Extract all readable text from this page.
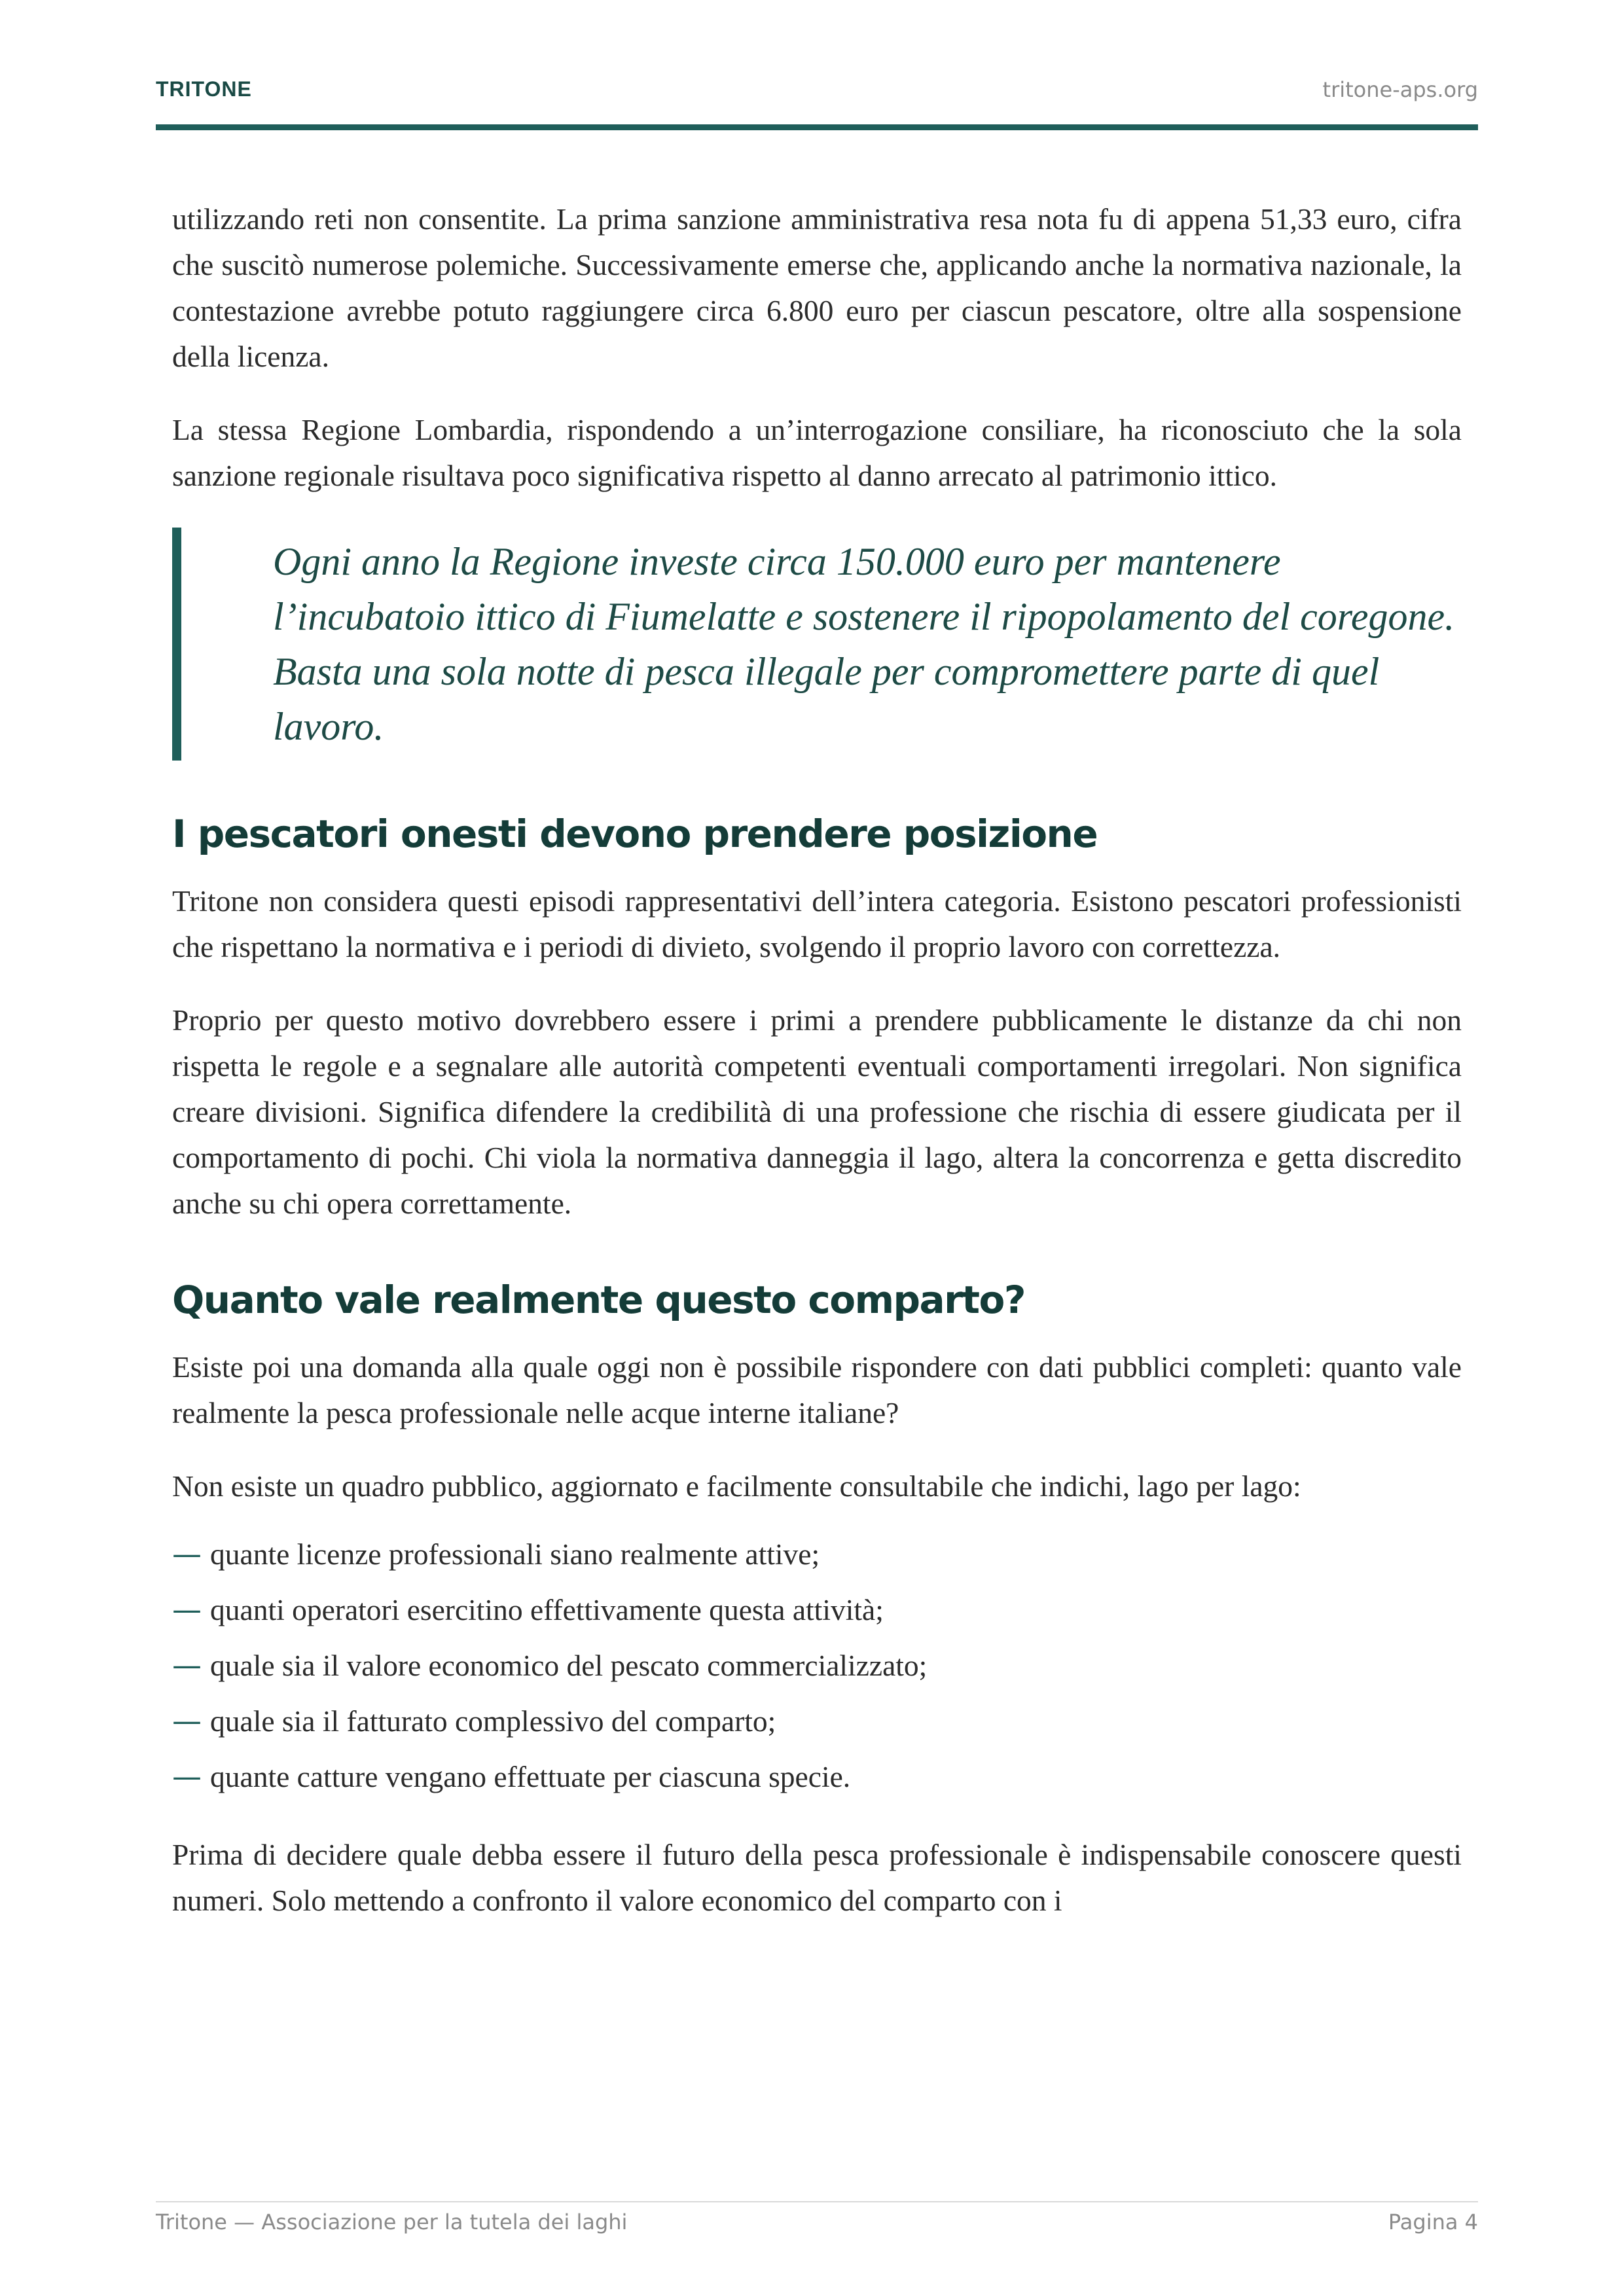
TRITONE	tritone-aps.org

utilizzando reti non consentite. La prima sanzione amministrativa resa nota fu di appena 51,33 euro, cifra che suscitò numerose polemiche. Successivamente emerse che, applicando anche la normativa nazionale, la contestazione avrebbe potuto raggiungere circa 6.800 euro per ciascun pescatore, oltre alla sospensione della licenza.

La stessa Regione Lombardia, rispondendo a un’interrogazione consiliare, ha riconosciuto che la sola sanzione regionale risultava poco significativa rispetto al danno arrecato al patrimonio ittico.

Ogni anno la Regione investe circa 150.000 euro per mantenere l’incubatoio ittico di Fiumelatte e sostenere il ripopolamento del coregone. Basta una sola notte di pesca illegale per compromettere parte di quel lavoro.
I pescatori onesti devono prendere posizione

Tritone non considera questi episodi rappresentativi dell’intera categoria. Esistono pescatori professionisti che rispettano la normativa e i periodi di divieto, svolgendo il proprio lavoro con correttezza.

Proprio per questo motivo dovrebbero essere i primi a prendere pubblicamente le distanze da chi non rispetta le regole e a segnalare alle autorità competenti eventuali comportamenti irregolari. Non significa creare divisioni. Significa difendere la credibilità di una professione che rischia di essere giudicata per il comportamento di pochi. Chi viola la normativa danneggia il lago, altera la concorrenza e getta discredito anche su chi opera correttamente.

Quanto vale realmente questo comparto?

Esiste poi una domanda alla quale oggi non è possibile rispondere con dati pubblici completi: quanto vale realmente la pesca professionale nelle acque interne italiane?

Non esiste un quadro pubblico, aggiornato e facilmente consultabile che indichi, lago per lago:

— quante licenze professionali siano realmente attive;
— quanti operatori esercitino effettivamente questa attività;
— quale sia il valore economico del pescato commercializzato;
— quale sia il fatturato complessivo del comparto;
— quante catture vengano effettuate per ciascuna specie.

Prima di decidere quale debba essere il futuro della pesca professionale è indispensabile conoscere questi numeri. Solo mettendo a confronto il valore economico del comparto con i

Tritone — Associazione per la tutela dei laghi	Pagina 4
